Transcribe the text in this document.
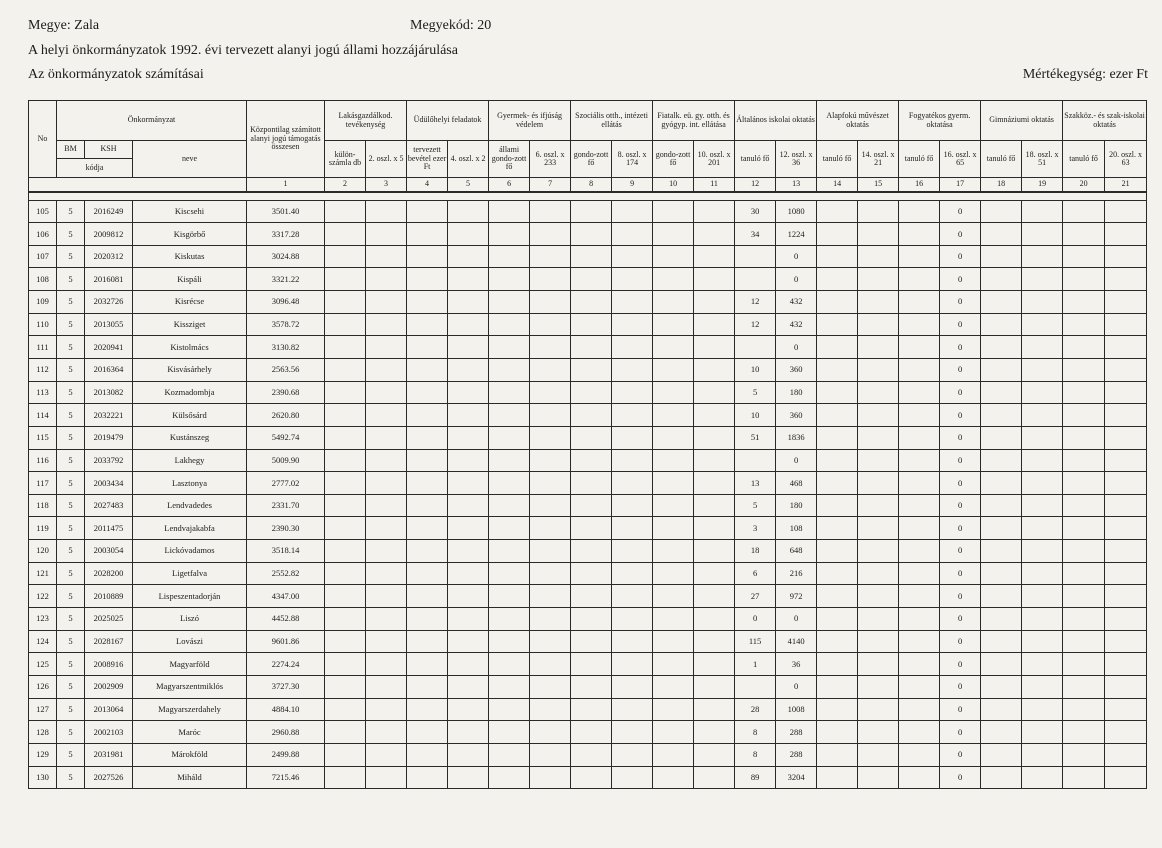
Megye: Zala	Megyekód: 20
A helyi önkormányzatok 1992. évi tervezett alanyi jogú állami hozzájárulása
Az önkormányzatok számításai	Mértékegység: ezer Ft
No	Önkormányzat			Központilag számított alanyi jogú támogatás összesen	Lakásgazdálkod. tevékenység		Üdülőhelyi feladatok		Gyermek- és ifjúság védelem		Szociális otth., intézeti ellátás		Fiatalk. eü. gy. otth. és gyógyp. int. ellátása		Általános iskolai oktatás		Alapfokú művészet oktatás		Fogyatékos gyerm. oktatása		Gimnáziumi oktatás		Szakköz.- és szak-iskolai oktatás	
	BM	KSH	neve		külön-számla db	2. oszl. x 5	tervezett bevétel ezer Ft	4. oszl. x 2	állami gondo-zott fő	6. oszl. x 233	gondo-zott fő	8. oszl. x 174	gondo-zott fő	10. oszl. x 201	tanuló fő	12. oszl. x 36	tanuló fő	14. oszl. x 21	tanuló fő	16. oszl. x 65	tanuló fő	18. oszl. x 51	tanuló fő	20. oszl. x 63
	kódja																							
				1	2	3	4	5	6	7	8	9	10	11	12	13	14	15	16	17	18	19	20	21

105	5	2016249	Kiscsehi	3501.40											30	1080				0				
106	5	2009812	Kisgörbő	3317.28											34	1224				0				
107	5	2020312	Kiskutas	3024.88												0				0				
108	5	2016081	Kispáli	3321.22												0				0				
109	5	2032726	Kisrécse	3096.48											12	432				0				
110	5	2013055	Kissziget	3578.72											12	432				0				
111	5	2020941	Kistolmács	3130.82												0				0				
112	5	2016364	Kisvásárhely	2563.56											10	360				0				
113	5	2013082	Kozmadombja	2390.68											5	180				0				
114	5	2032221	Külsősárd	2620.80											10	360				0				
115	5	2019479	Kustánszeg	5492.74											51	1836				0				
116	5	2033792	Lakhegy	5009.90												0				0				
117	5	2003434	Lasztonya	2777.02											13	468				0				
118	5	2027483	Lendvadedes	2331.70											5	180				0				
119	5	2011475	Lendvajakabfa	2390.30											3	108				0				
120	5	2003054	Lickóvadamos	3518.14											18	648				0				
121	5	2028200	Ligetfalva	2552.82											6	216				0				
122	5	2010889	Lispeszentadorján	4347.00											27	972				0				
123	5	2025025	Liszó	4452.88											0	0				0				
124	5	2028167	Lovászi	9601.86											115	4140				0				
125	5	2008916	Magyarföld	2274.24											1	36				0				
126	5	2002909	Magyarszentmiklós	3727.30												0				0				
127	5	2013064	Magyarszerdahely	4884.10											28	1008				0				
128	5	2002103	Maróc	2960.88											8	288				0				
129	5	2031981	Márokföld	2499.88											8	288				0				
130	5	2027526	Miháld	7215.46											89	3204				0				
